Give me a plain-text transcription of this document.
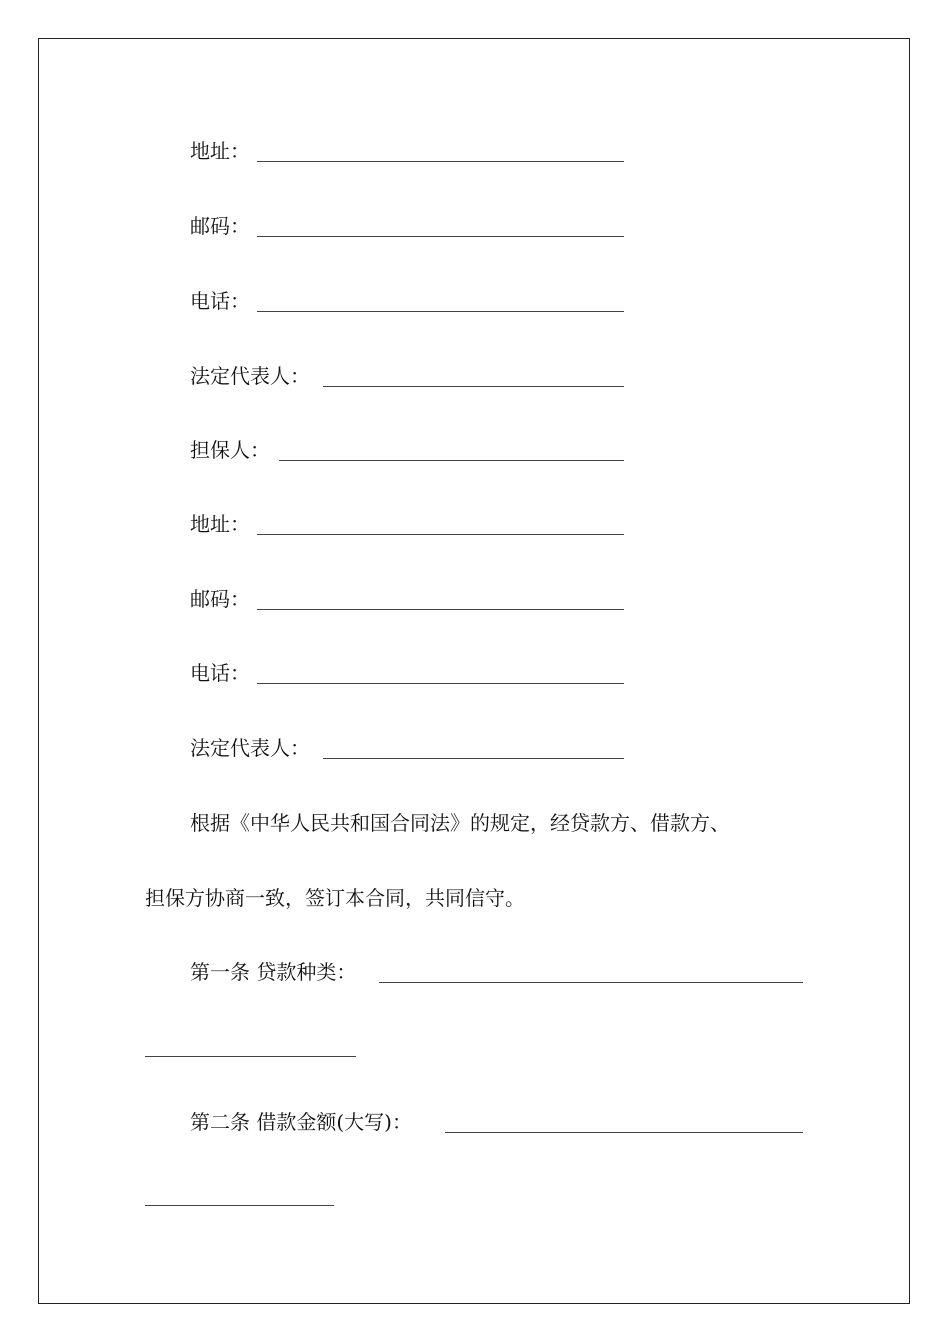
地址：
邮码：
电话：
法定代表人：
担保人：
地址：
邮码：
电话：
法定代表人：
根据《中华人民共和国合同法》的规定，经贷款方、借款方、
担保方协商一致，签订本合同，共同信守。
第一条 贷款种类：
第二条 借款金额(大写)：
